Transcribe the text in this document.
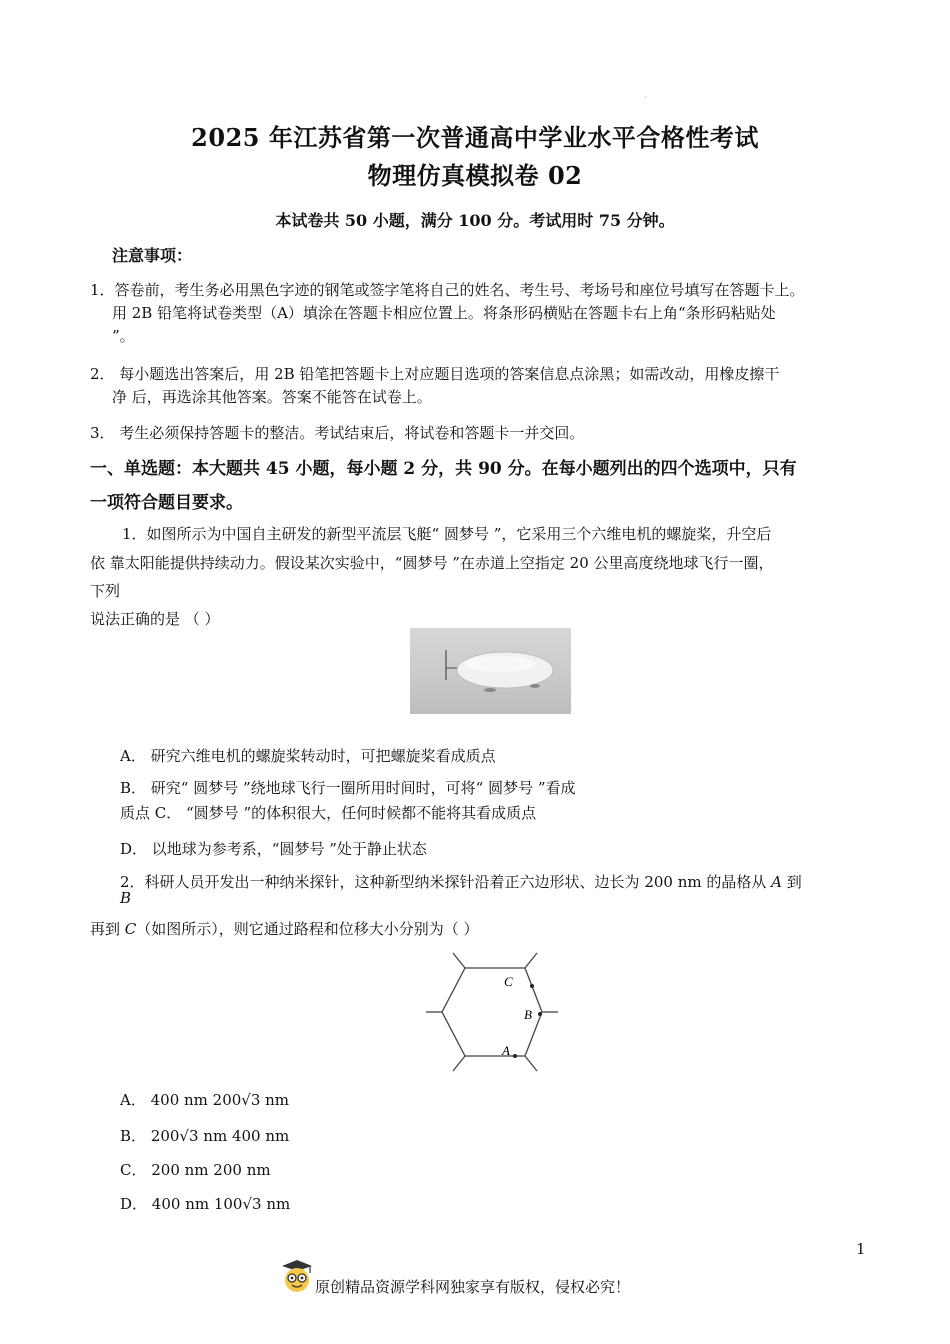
'
2025 年江苏省第一次普通高中学业水平合格性考试
物理仿真模拟卷 02
本试卷共 50 小题，满分 100 分。考试用时 75 分钟。
注意事项：
1．答卷前，考生务必用黑色字迹的钢笔或签字笔将自己的姓名、考生号、考场号和座位号填写在答题卡上。
用 2B 铅笔将试卷类型（A）填涂在答题卡相应位置上。将条形码横贴在答题卡右上角“条形码粘贴处
”。
2． 每小题选出答案后，用 2B 铅笔把答题卡上对应题目选项的答案信息点涂黑；如需改动，用橡皮擦干
净 后，再选涂其他答案。答案不能答在试卷上。
3． 考生必须保持答题卡的整洁。考试结束后，将试卷和答题卡一并交回。
一、单选题：本大题共 45 小题，每小题 2 分，共 90 分。在每小题列出的四个选项中，只有
一项符合题目要求。
1．如图所示为中国自主研发的新型平流层飞艇“ 圆梦号 ”，它采用三个六维电机的螺旋桨，升空后
依 靠太阳能提供持续动力。假设某次实验中，“圆梦号 ”在赤道上空指定 20 公里高度绕地球飞行一圈，
下列
说法正确的是 （ ）
A． 研究六维电机的螺旋桨转动时，可把螺旋桨看成质点
B． 研究“ 圆梦号 ”绕地球飞行一圈所用时间时，可将“ 圆梦号 ”看成
质点 C． “圆梦号 ”的体积很大，任何时候都不能将其看成质点
D． 以地球为参考系，“圆梦号 ”处于静止状态
2．科研人员开发出一种纳米探针，这种新型纳米探针沿着正六边形状、边长为 200 nm 的晶格从 A 到
B
再到 C（如图所示），则它通过路程和位移大小分别为（ ）
C
B
A
A． 400 nm 200√3 nm
B． 200√3 nm 400 nm
C． 200 nm 200 nm
D． 400 nm 100√3 nm
1
原创精品资源学科网独家享有版权，侵权必究！
